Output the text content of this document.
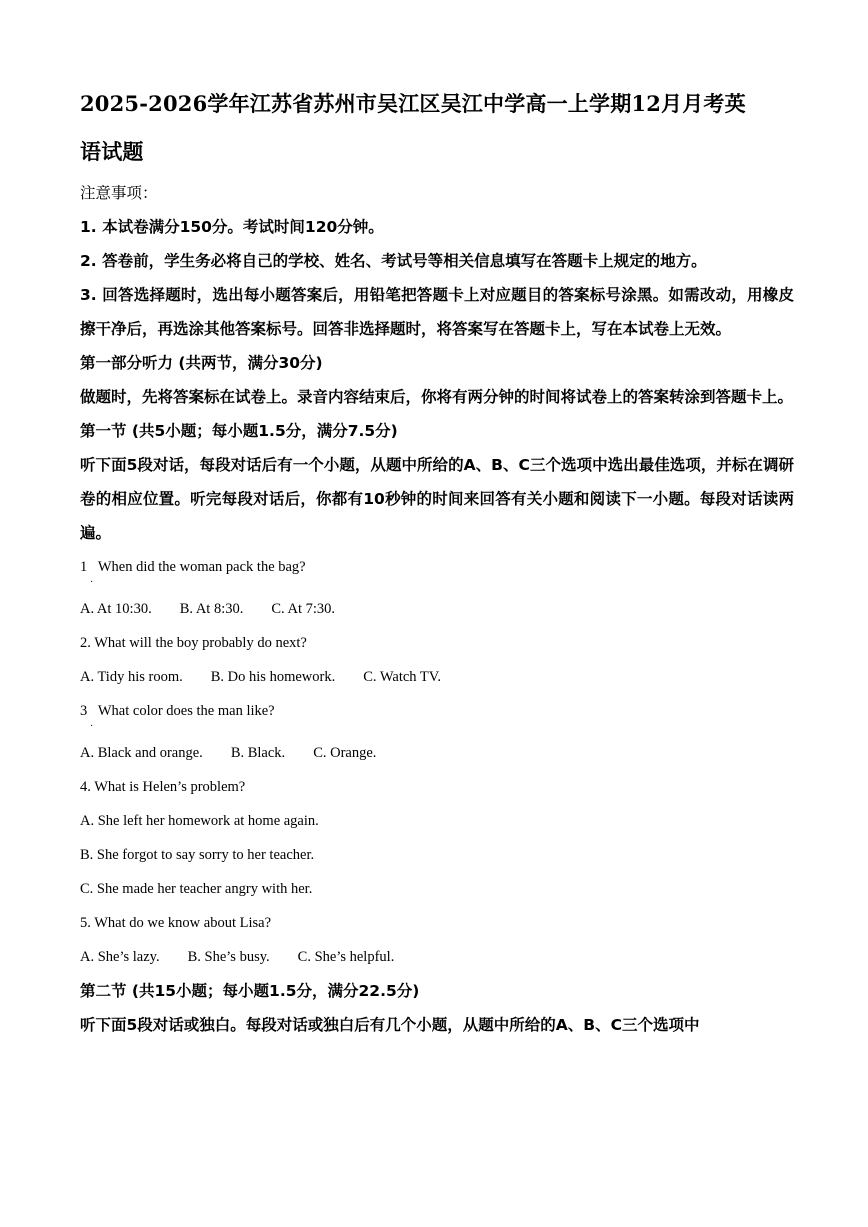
2025-2026学年江苏省苏州市吴江区吴江中学高一上学期12月月考英

语试题

注意事项：

1. 本试卷满分150分。考试时间120分钟。

2. 答卷前，学生务必将自己的学校、姓名、考试号等相关信息填写在答题卡上规定的地方。

3. 回答选择题时，选出每小题答案后，用铅笔把答题卡上对应题目的答案标号涂黑。如需改动，用橡皮擦干净后，再选涂其他答案标号。回答非选择题时，将答案写在答题卡上，写在本试卷上无效。

第一部分听力 (共两节，满分30分)

做题时，先将答案标在试卷上。录音内容结束后，你将有两分钟的时间将试卷上的答案转涂到答题卡上。

第一节 (共5小题；每小题1.5分，满分7.5分)

听下面5段对话，每段对话后有一个小题，从题中所给的A、B、C三个选项中选出最佳选项，并标在调研卷的相应位置。听完每段对话后，你都有10秒钟的时间来回答有关小题和阅读下一小题。每段对话读两遍。

1   When did the woman pack the bag?

·

A. At 10:30. B. At 8:30. C. At 7:30.

2. What will the boy probably do next?

A. Tidy his room. B. Do his homework. C. Watch TV.

3   What color does the man like?

·

A. Black and orange. B. Black. C. Orange.

4. What is Helen’s problem?

A. She left her homework at home again.

B. She forgot to say sorry to her teacher.

C. She made her teacher angry with her.

5. What do we know about Lisa?

A. She’s lazy. B. She’s busy. C. She’s helpful.

第二节 (共15小题；每小题1.5分，满分22.5分)

听下面5段对话或独白。每段对话或独白后有几个小题，从题中所给的A、B、C三个选项中
